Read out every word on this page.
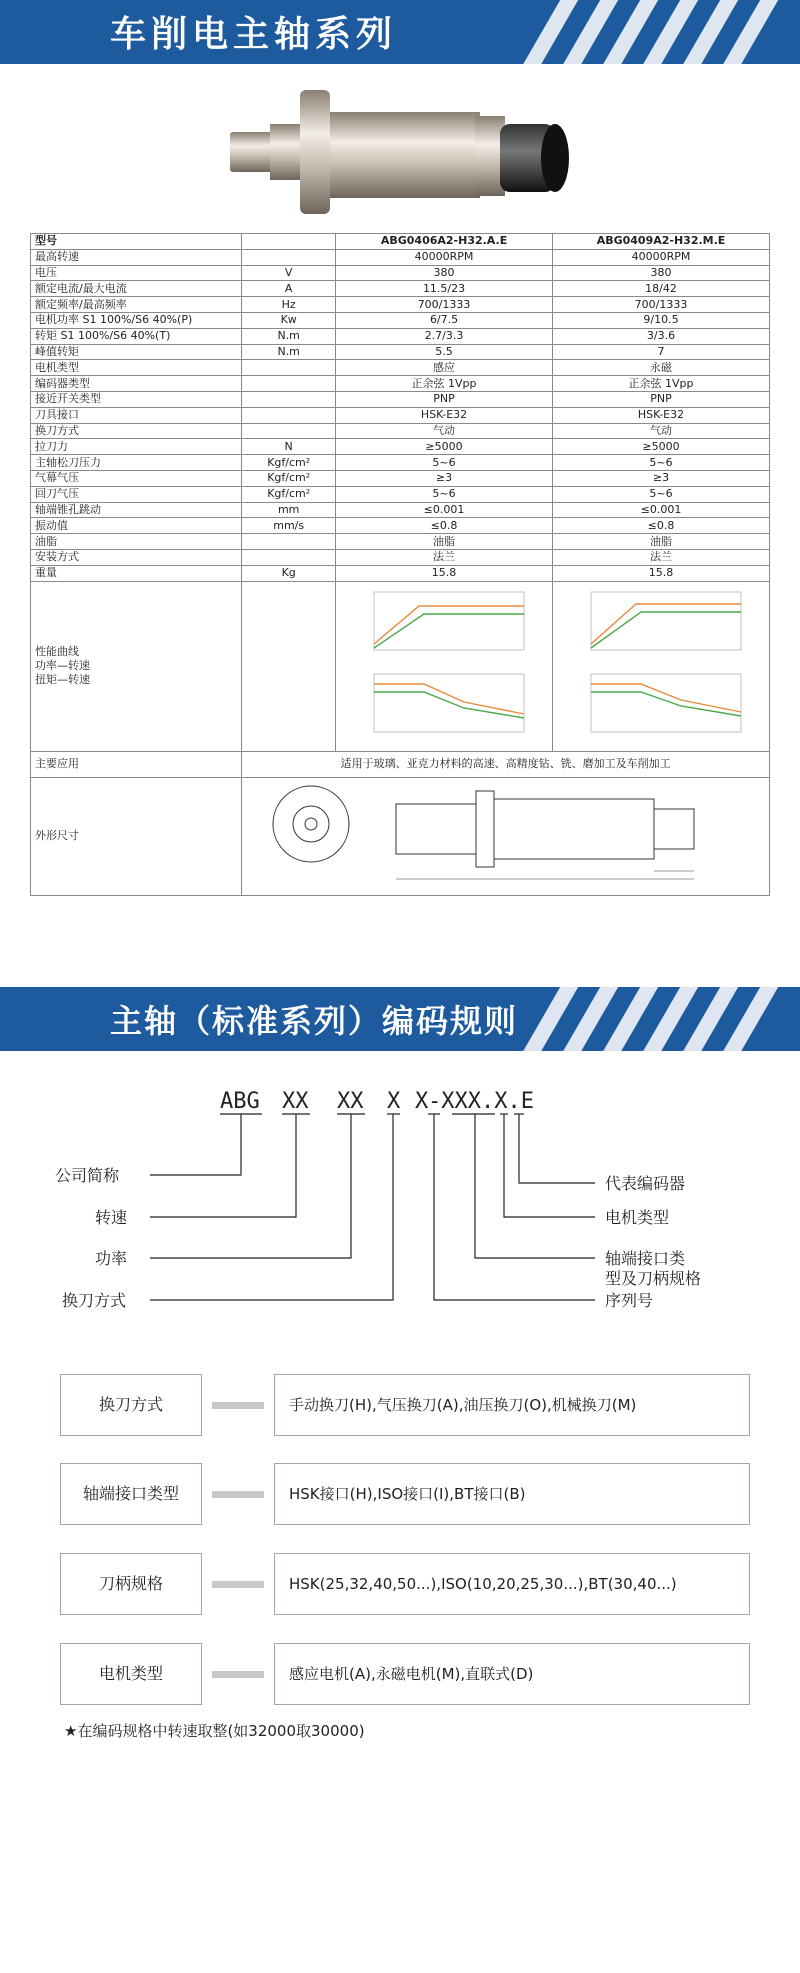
车削电主轴系列
型号		ABG0406A2-H32.A.E	ABG0409A2-H32.M.E
最高转速		40000RPM	40000RPM
电压	V	380	380
额定电流/最大电流	A	11.5/23	18/42
额定频率/最高频率	Hz	700/1333	700/1333
电机功率 S1 100%/S6 40%(P)	Kw	6/7.5	9/10.5
转矩 S1 100%/S6 40%(T)	N.m	2.7/3.3	3/3.6
峰值转矩	N.m	5.5	7
电机类型		感应	永磁
编码器类型		正余弦 1Vpp	正余弦 1Vpp
接近开关类型		PNP	PNP
刀具接口		HSK-E32	HSK-E32
换刀方式		气动	气动
拉刀力	N	≥5000	≥5000
主轴松刀压力	Kgf/cm²	5~6	5~6
气幕气压	Kgf/cm²	≥3	≥3
回刀气压	Kgf/cm²	5~6	5~6
轴端锥孔跳动	mm	≤0.001	≤0.001
振动值	mm/s	≤0.8	≤0.8
油脂		油脂	油脂
安装方式		法兰	法兰
重量	Kg	15.8	15.8

性能曲线
功率—转速
扭矩—转速

主要应用	适用于玻璃、亚克力材料的高速、高精度钻、铣、磨加工及车削加工		
外形尺寸	
主轴（标准系列）编码规则
ABG XX XX X X -XXX.X.E
公司简称
转速
功率
换刀方式
代表编码器
电机类型
轴端接口类
型及刀柄规格
序列号
换刀方式	手动换刀(H),气压换刀(A),油压换刀(O),机械换刀(M)
轴端接口类型	HSK接口(H),ISO接口(I),BT接口(B)
刀柄规格	HSK(25,32,40,50...),ISO(10,20,25,30...),BT(30,40...)
电机类型	感应电机(A),永磁电机(M),直联式(D)
★在编码规格中转速取整(如32000取30000)
